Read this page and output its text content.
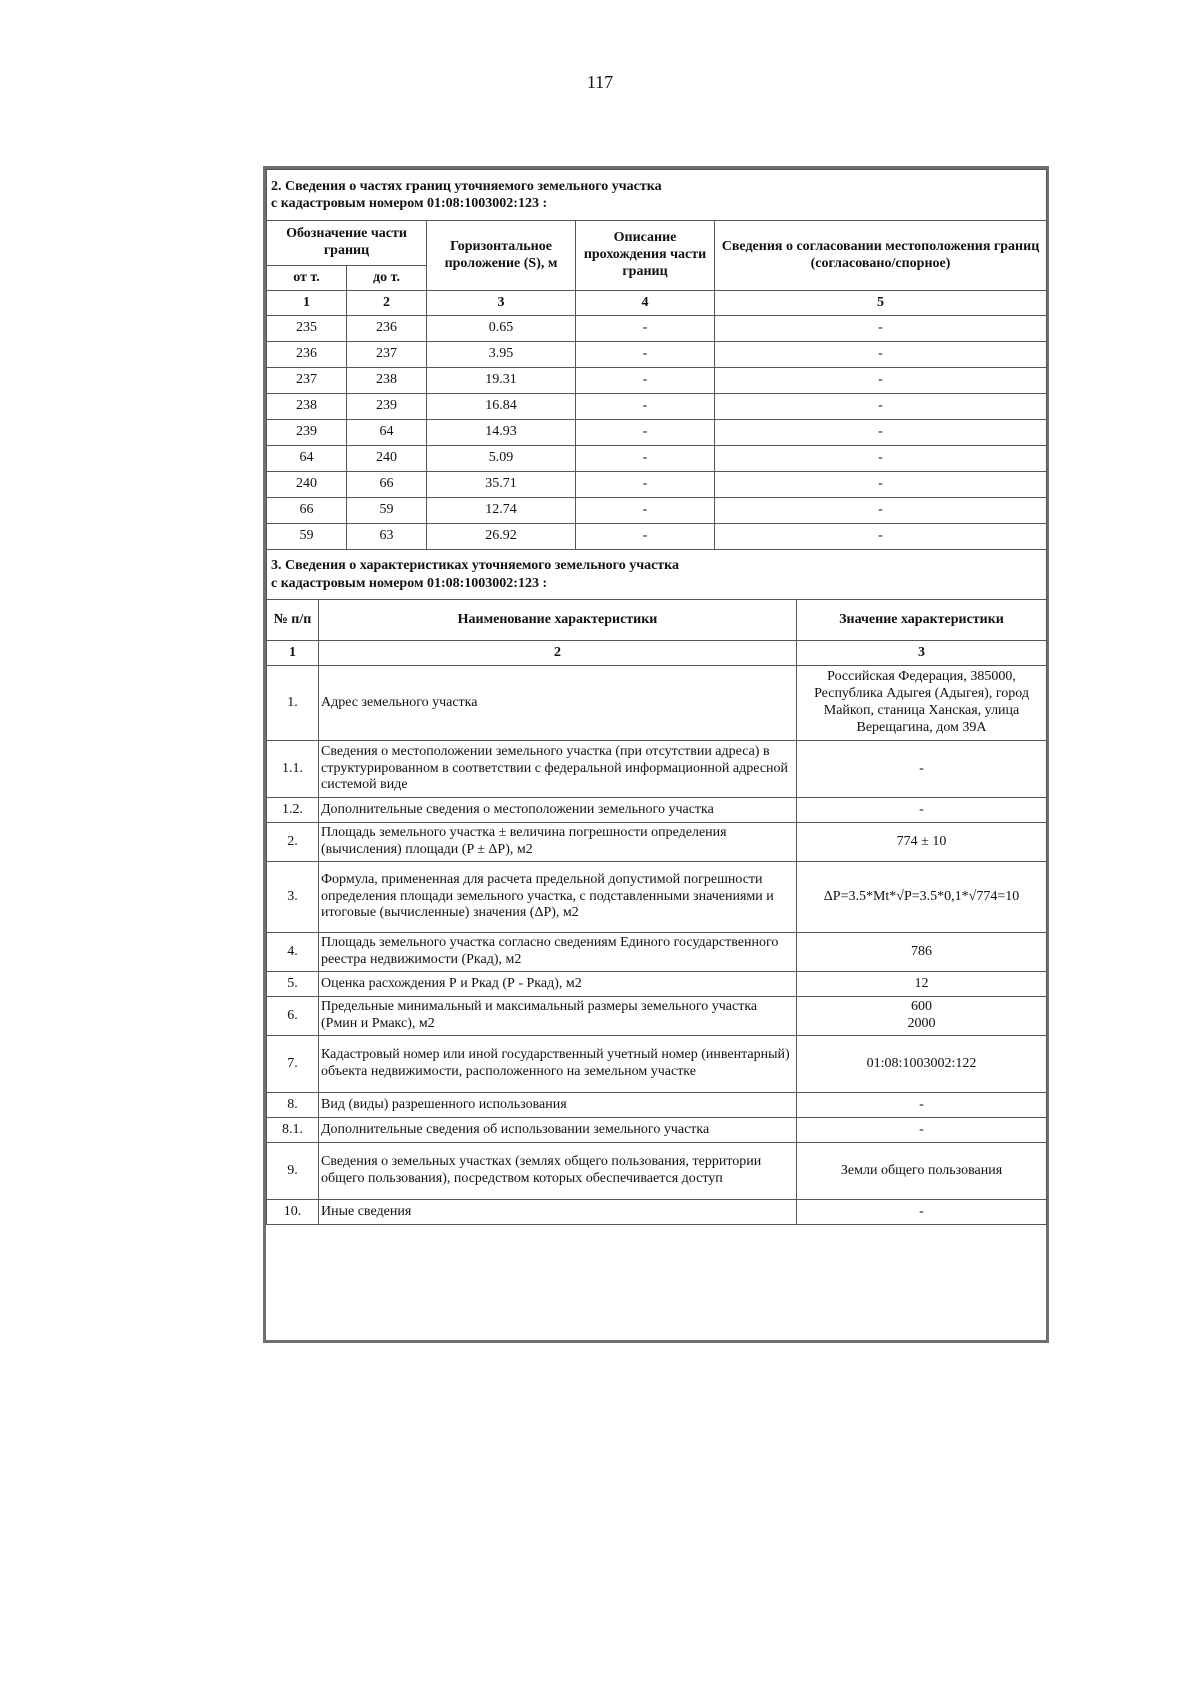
117
2. Сведения о частях границ уточняемого земельного участка
с кадастровым номером 01:08:1003002:123 :				

Обозначение части границ		Горизонтальное проложение (S), м	Описание прохождения части границ	Сведения о согласовании местоположения границ (согласовано/спорное)
от т.	до т.			
1	2	3	4	5
235	236	0.65	-	-
236	237	3.95	-	-
237	238	19.31	-	-
238	239	16.84	-	-
239	64	14.93	-	-
64	240	5.09	-	-
240	66	35.71	-	-
66	59	12.74	-	-
59	63	26.92	-	-
3. Сведения о характеристиках уточняемого земельного участка
с кадастровым номером 01:08:1003002:123 :		

№ п/п	Наименование характеристики	Значение характеристики
1	2	3
1.	Адрес земельного участка	Российская Федерация, 385000, Республика Адыгея (Адыгея), город Майкоп, станица Ханская, улица Верещагина, дом 39А
1.1.	Сведения о местоположении земельного участка (при отсутствии адреса) в структурированном в соответствии с федеральной информационной адресной системой виде	-
1.2.	Дополнительные сведения о местоположении земельного участка	-
2.	Площадь земельного участка ± величина погрешности определения (вычисления) площади (P ± ΔP), м2	774 ± 10
3.	Формула, примененная для расчета предельной допустимой погрешности определения площади земельного участка, с подставленными значениями и итоговые (вычисленные) значения (ΔP), м2	ΔP=3.5*Mt*√P=3.5*0,1*√774=10
4.	Площадь земельного участка согласно сведениям Единого государственного реестра недвижимости (Ркад), м2	786
5.	Оценка расхождения Р и Ркад (Р - Ркад), м2	12
6.	Предельные минимальный и максимальный размеры земельного участка (Рмин и Рмакс), м2	600
2000

7.	Кадастровый номер или иной государственный учетный номер (инвентарный) объекта недвижимости, расположенного на земельном участке	01:08:1003002:122
8.	Вид (виды) разрешенного использования	-
8.1.	Дополнительные сведения об использовании земельного участка	-
9.	Сведения о земельных участках (землях общего пользования, территории общего пользования), посредством которых обеспечивается доступ	Земли общего пользования
10.	Иные сведения	-
